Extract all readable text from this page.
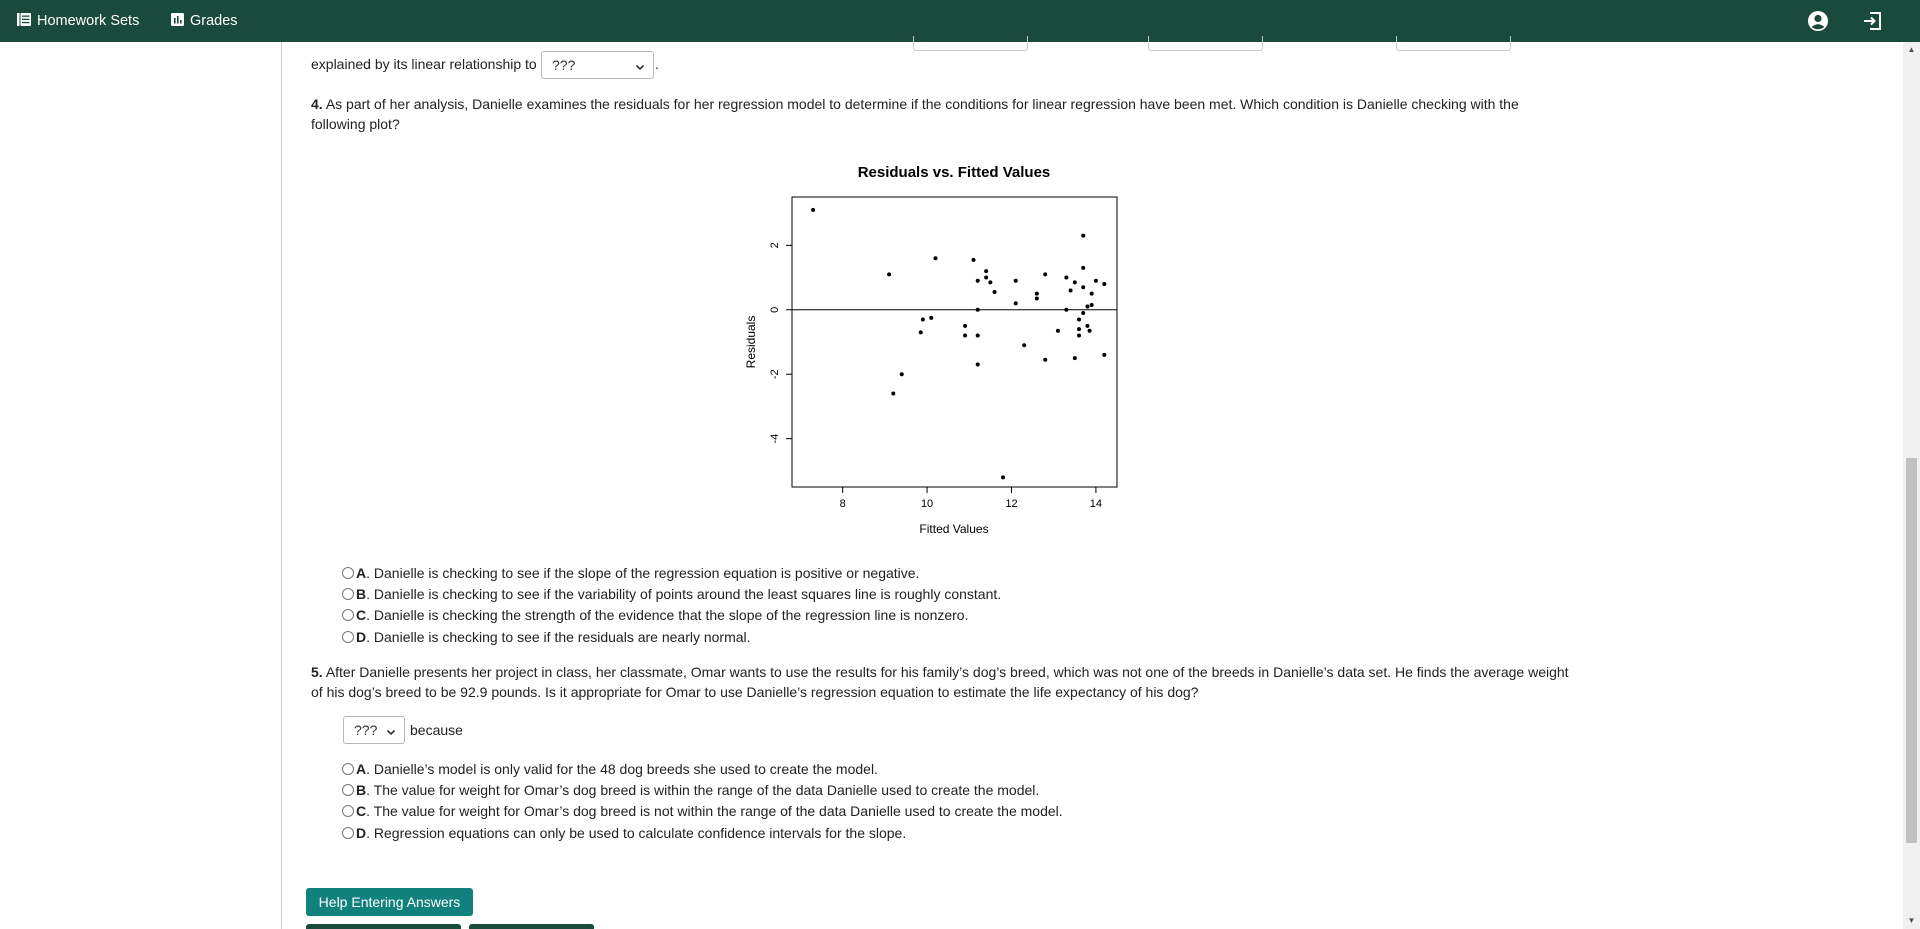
Homework Sets	Grades
explained by its linear relationship to ???	.
4. As part of her analysis, Danielle examines the residuals for her regression model to determine if the conditions for linear regression have been met. Which condition is Danielle checking with the
following plot?
Residuals vs. Fitted Values
8	10	12	14
-4
-2
0
2
Fitted Values
Residuals
A . Danielle is checking to see if the slope of the regression equation is positive or negative.
B . Danielle is checking to see if the variability of points around the least squares line is roughly constant.
C . Danielle is checking the strength of the evidence that the slope of the regression line is nonzero.
D . Danielle is checking to see if the residuals are nearly normal.
5. After Danielle presents her project in class, her classmate, Omar wants to use the results for his family’s dog’s breed, which was not one of the breeds in Danielle’s data set. He finds the average weight
of his dog’s breed to be 92.9 pounds. Is it appropriate for Omar to use Danielle’s regression equation to estimate the life expectancy of his dog?
??? because
A . Danielle’s model is only valid for the 48 dog breeds she used to create the model.
B . The value for weight for Omar’s dog breed is within the range of the data Danielle used to create the model.
C . The value for weight for Omar’s dog breed is not within the range of the data Danielle used to create the model.
D . Regression equations can only be used to calculate confidence intervals for the slope.
Help Entering Answers
▲
▼
